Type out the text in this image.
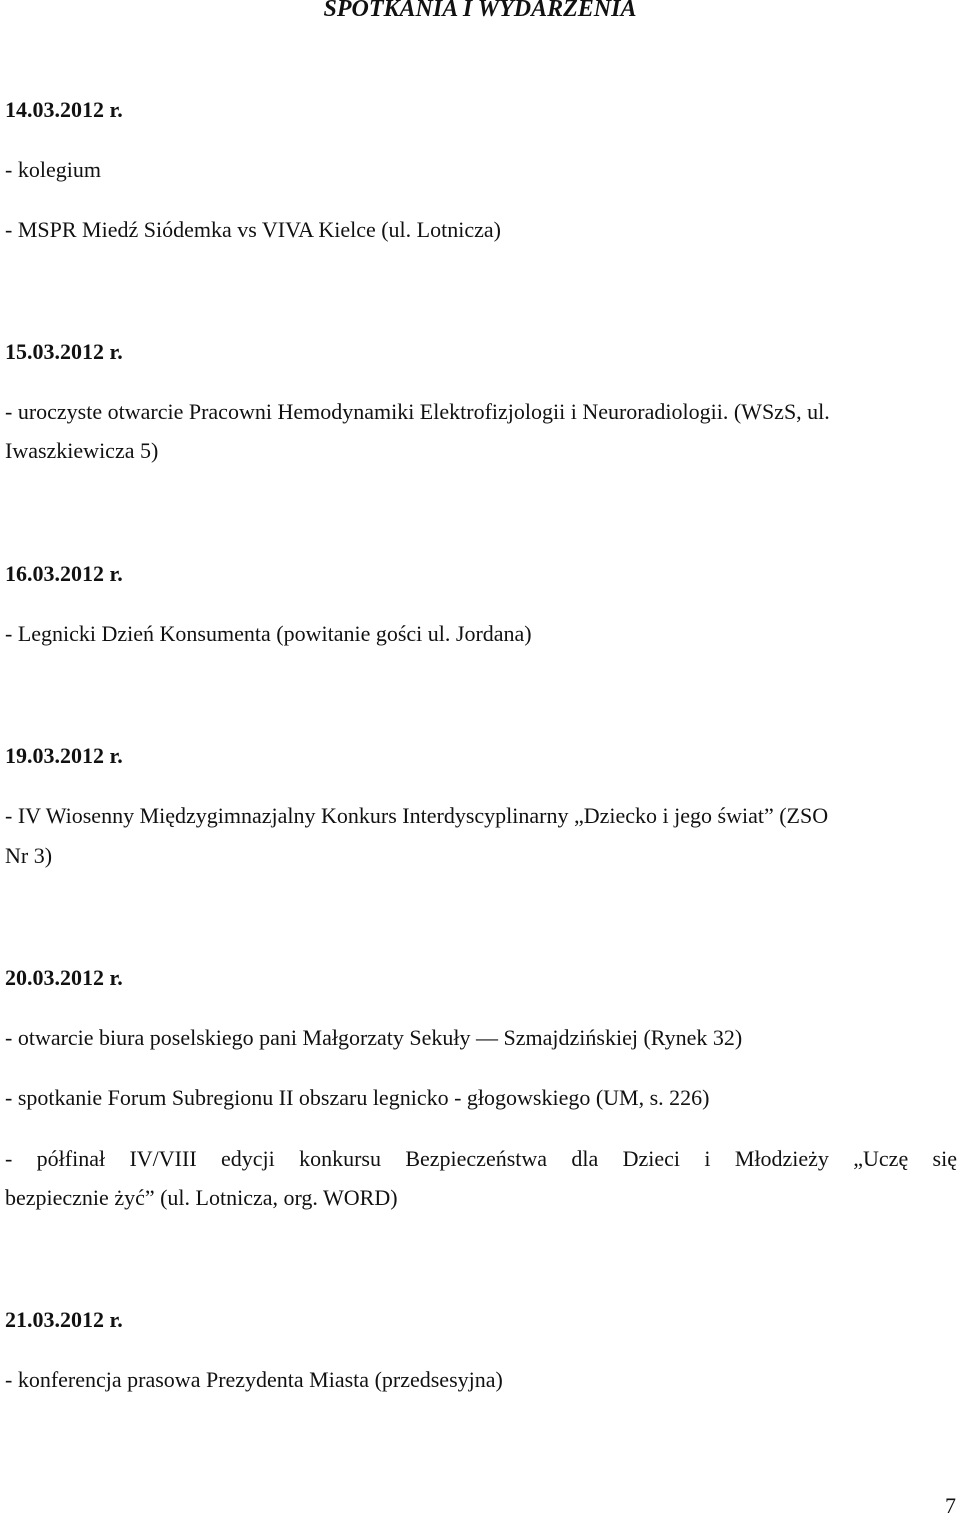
SPOTKANIA I WYDARZENIA
14.03.2012 r.
- kolegium
- MSPR Miedź Siódemka vs VIVA Kielce (ul. Lotnicza)
15.03.2012 r.
- uroczyste otwarcie Pracowni Hemodynamiki Elektrofizjologii i Neuroradiologii. (WSzS, ul.
Iwaszkiewicza 5)
16.03.2012 r.
- Legnicki Dzień Konsumenta (powitanie gości ul. Jordana)
19.03.2012 r.
- IV Wiosenny Międzygimnazjalny Konkurs Interdyscyplinarny „Dziecko i jego świat” (ZSO
Nr 3)
20.03.2012 r.
- otwarcie biura poselskiego pani Małgorzaty Sekuły — Szmajdzińskiej (Rynek 32)
- spotkanie Forum Subregionu II obszaru legnicko - głogowskiego (UM, s. 226)
- półfinał IV/VIII edycji konkursu Bezpieczeństwa dla Dzieci i Młodzieży „Uczę się
bezpiecznie żyć” (ul. Lotnicza, org. WORD)
21.03.2012 r.
- konferencja prasowa Prezydenta Miasta (przedsesyjna)
7
